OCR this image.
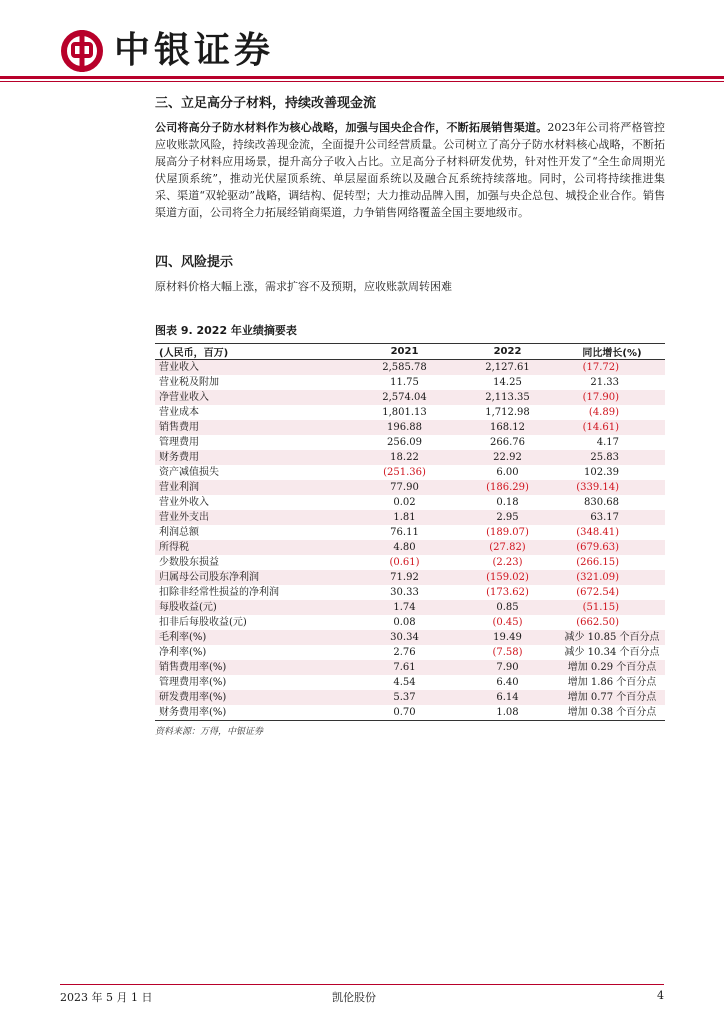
中银证券
三、立足高分子材料，持续改善现金流
公司将高分子防水材料作为核心战略，加强与国央企合作，不断拓展销售渠道。2023年公司将严格管控应收账款风险，持续改善现金流，全面提升公司经营质量。公司树立了高分子防水材料核心战略，不断拓展高分子材料应用场景，提升高分子收入占比。立足高分子材料研发优势，针对性开发了“全生命周期光伏屋顶系统”，推动光伏屋顶系统、单层屋面系统以及融合瓦系统持续落地。同时，公司将持续推进集采、渠道“双轮驱动”战略，调结构、促转型；大力推动品牌入围，加强与央企总包、城投企业合作。销售渠道方面，公司将全力拓展经销商渠道，力争销售网络覆盖全国主要地级市。
四、风险提示
原材料价格大幅上涨，需求扩容不及预期，应收账款周转困难
图表 9. 2022 年业绩摘要表
(人民币，百万)	2021	2022	同比增长(%)
营业收入	2,585.78	2,127.61	(17.72)
营业税及附加	11.75	14.25	21.33
净营业收入	2,574.04	2,113.35	(17.90)
营业成本	1,801.13	1,712.98	(4.89)
销售费用	196.88	168.12	(14.61)
管理费用	256.09	266.76	4.17
财务费用	18.22	22.92	25.83
资产减值损失	(251.36)	6.00	102.39
营业利润	77.90	(186.29)	(339.14)
营业外收入	0.02	0.18	830.68
营业外支出	1.81	2.95	63.17
利润总额	76.11	(189.07)	(348.41)
所得税	4.80	(27.82)	(679.63)
少数股东损益	(0.61)	(2.23)	(266.15)
归属母公司股东净利润	71.92	(159.02)	(321.09)
扣除非经常性损益的净利润	30.33	(173.62)	(672.54)
每股收益(元)	1.74	0.85	(51.15)
扣非后每股收益(元)	0.08	(0.45)	(662.50)
毛利率(%)	30.34	19.49	减少 10.85 个百分点
净利率(%)	2.76	(7.58)	减少 10.34 个百分点
销售费用率(%)	7.61	7.90	增加 0.29 个百分点
管理费用率(%)	4.54	6.40	增加 1.86 个百分点
研发费用率(%)	5.37	6.14	增加 0.77 个百分点
财务费用率(%)	0.70	1.08	增加 0.38 个百分点
资料来源：万得，中银证券
2023 年 5 月 1 日	凯伦股份	4
